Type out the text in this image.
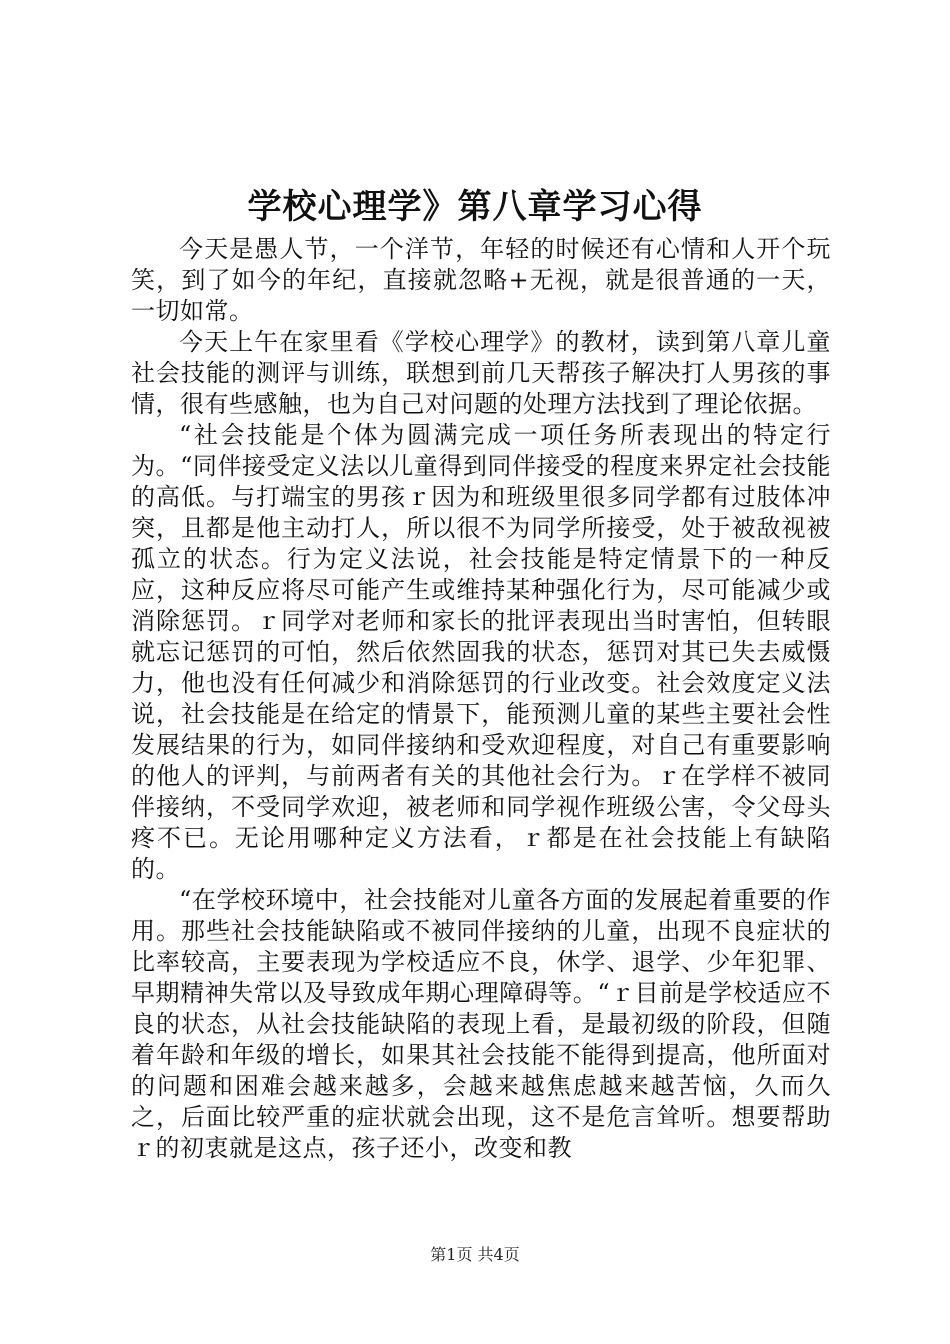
学校心理学》第八章学习心得

今天是愚人节，一个洋节，年轻的时候还有心情和人开个玩笑，到了如今的年纪，直接就忽略+无视，就是很普通的一天，一切如常。

今天上午在家里看《学校心理学》的教材，读到第八章儿童社会技能的测评与训练，联想到前几天帮孩子解决打人男孩的事情，很有些感触，也为自己对问题的处理方法找到了理论依据。

“社会技能是个体为圆满完成一项任务所表现出的特定行为。“同伴接受定义法以儿童得到同伴接受的程度来界定社会技能的高低。与打端宝的男孩ｒ因为和班级里很多同学都有过肢体冲突，且都是他主动打人，所以很不为同学所接受，处于被敌视被孤立的状态。行为定义法说，社会技能是特定情景下的一种反应，这种反应将尽可能产生或维持某种强化行为，尽可能减少或消除惩罚。ｒ同学对老师和家长的批评表现出当时害怕，但转眼就忘记惩罚的可怕，然后依然固我的状态，惩罚对其已失去威慑力，他也没有任何减少和消除惩罚的行业改变。社会效度定义法说，社会技能是在给定的情景下，能预测儿童的某些主要社会性发展结果的行为，如同伴接纳和受欢迎程度，对自己有重要影响的他人的评判，与前两者有关的其他社会行为。ｒ在学样不被同伴接纳，不受同学欢迎，被老师和同学视作班级公害，令父母头疼不已。无论用哪种定义方法看，ｒ都是在社会技能上有缺陷的。

“在学校环境中，社会技能对儿童各方面的发展起着重要的作用。那些社会技能缺陷或不被同伴接纳的儿童，出现不良症状的比率较高，主要表现为学校适应不良，休学、退学、少年犯罪、早期精神失常以及导致成年期心理障碍等。“ｒ目前是学校适应不良的状态，从社会技能缺陷的表现上看，是最初级的阶段，但随着年龄和年级的增长，如果其社会技能不能得到提高，他所面对的问题和困难会越来越多，会越来越焦虑越来越苦恼，久而久之，后面比较严重的症状就会出现，这不是危言耸听。想要帮助ｒ的初衷就是这点，孩子还小，改变和教

第1页 共4页
